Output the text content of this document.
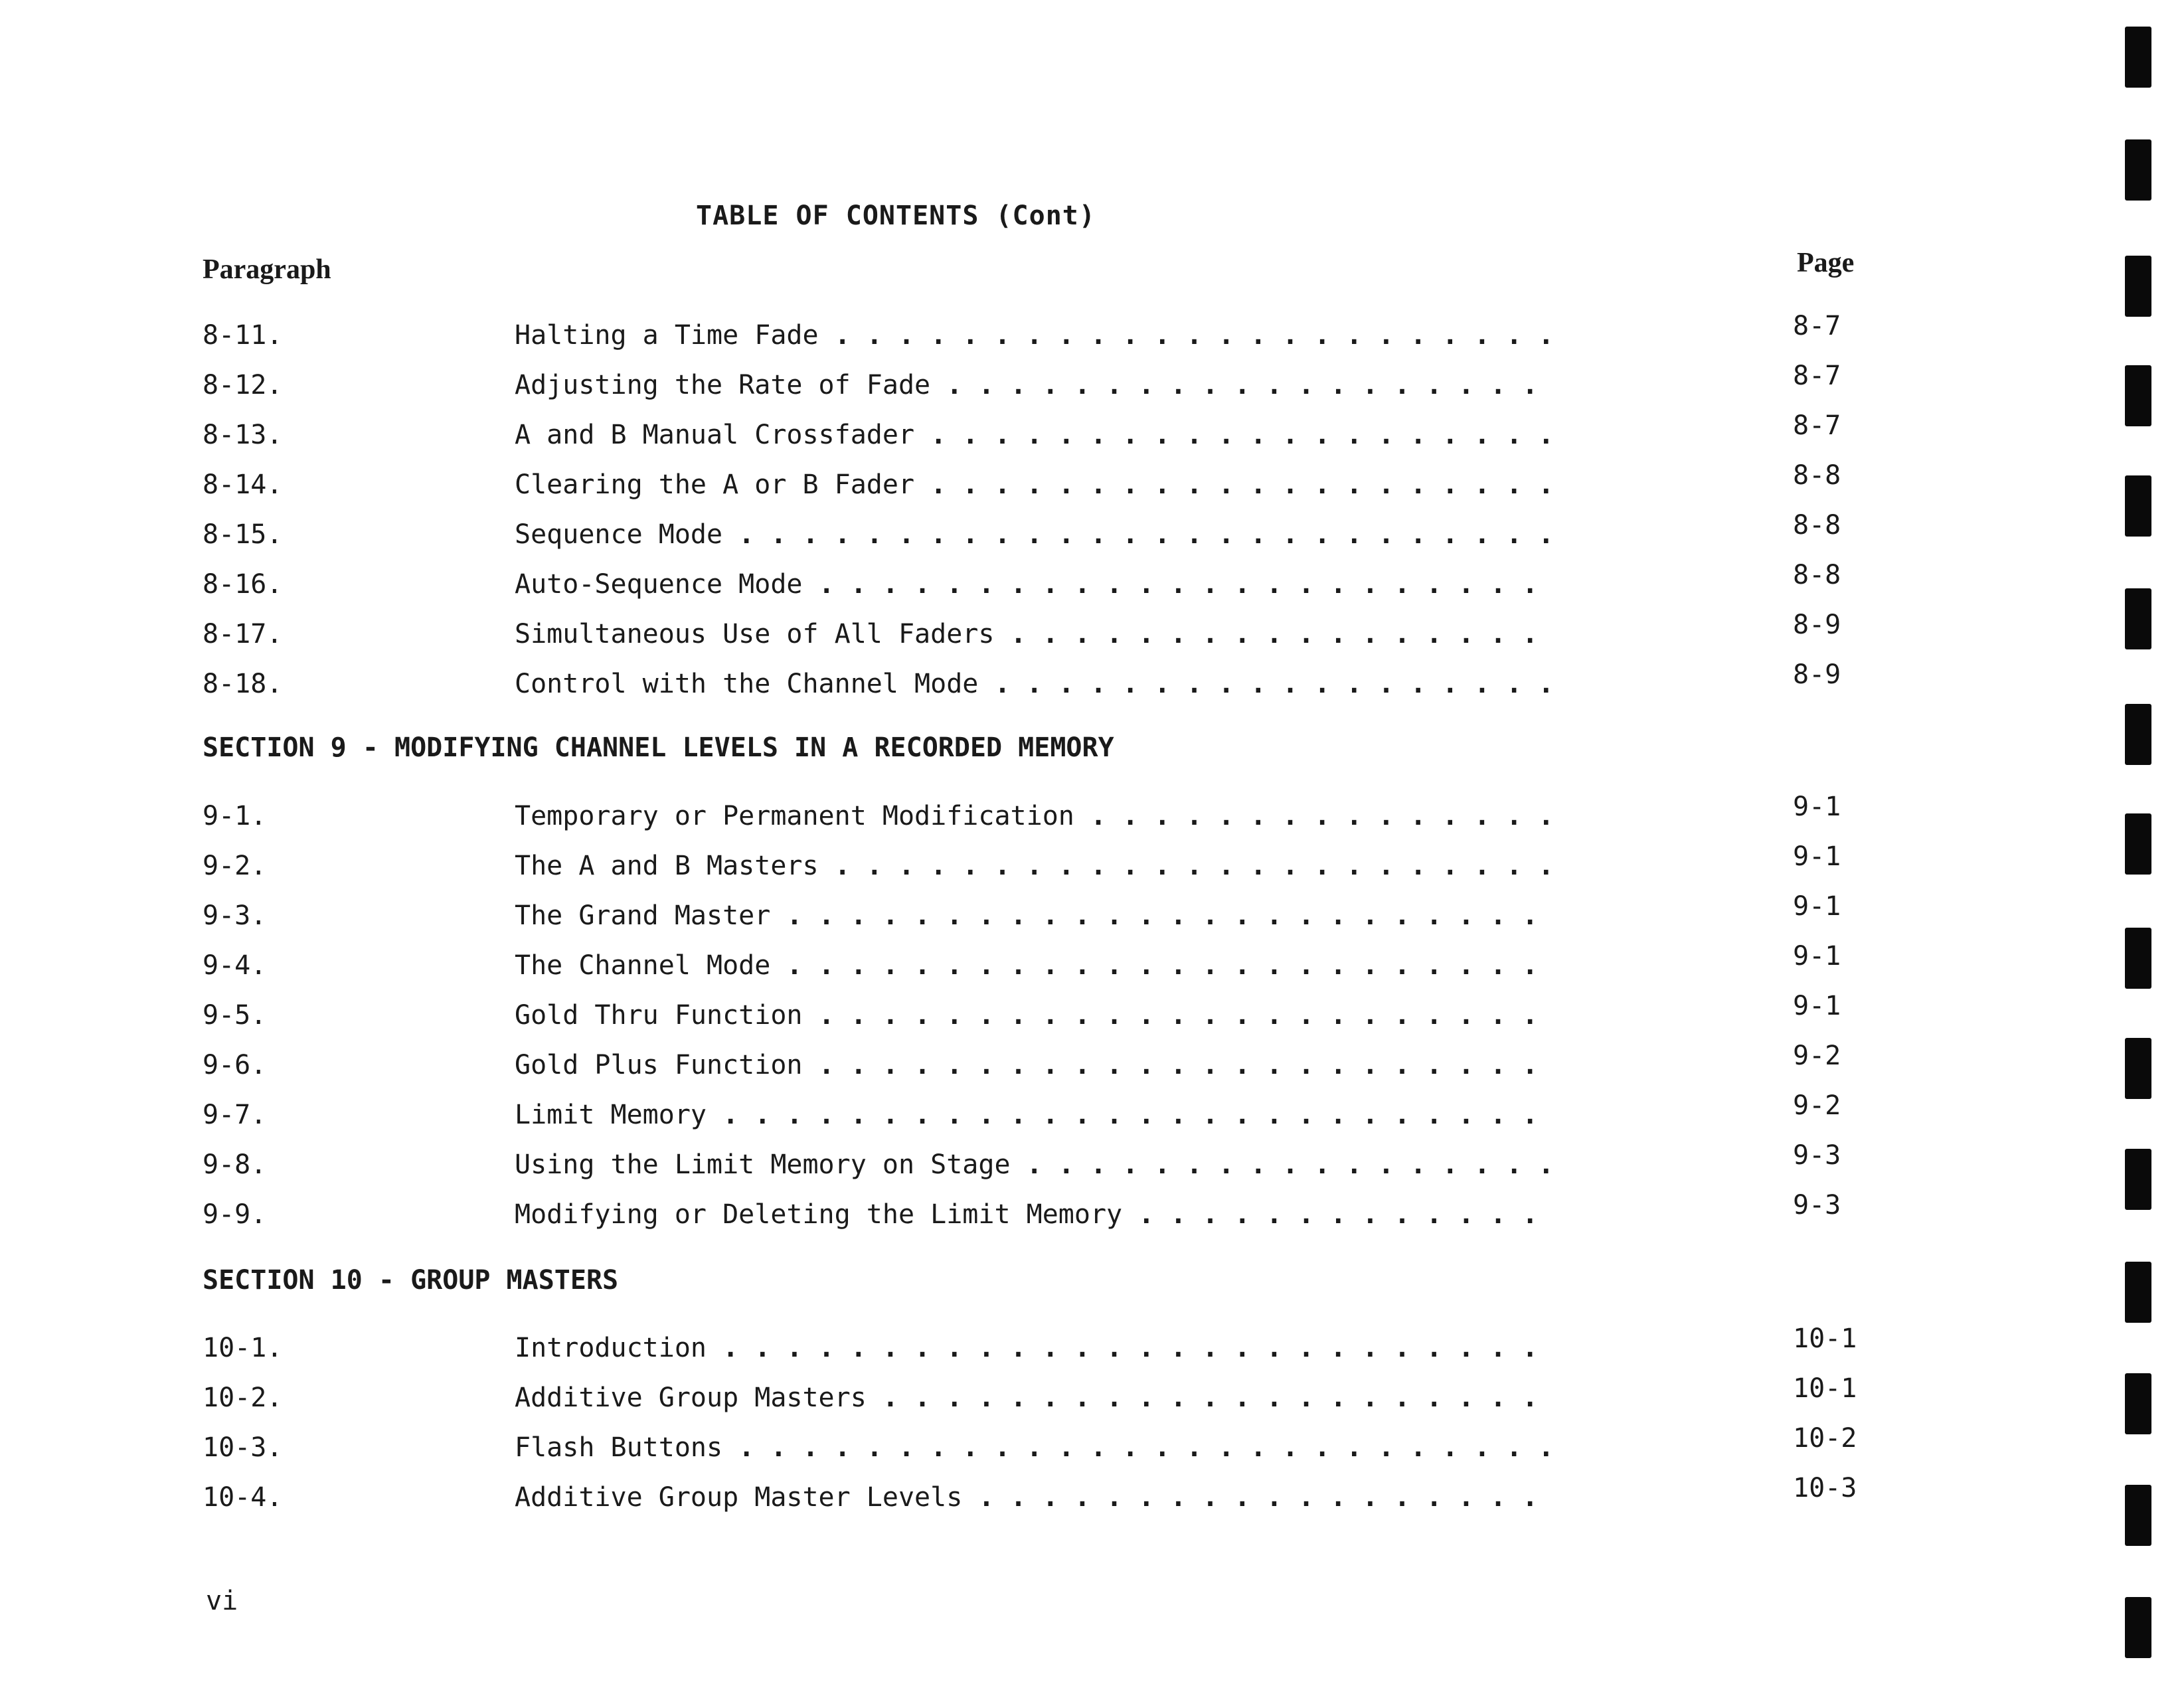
TABLE OF CONTENTS (Cont)
Paragraph	Page
8-11.	Halting a Time Fade . . .	8-7
8-12.	Adjusting the Rate of Fade . . .	8-7
8-13.	A and B Manual Crossfader . . .	8-7
8-14.	Clearing the A or B Fader . . .	8-8
8-15.	Sequence Mode . . .	8-8
8-16.	Auto-Sequence Mode . . .	8-8
8-17.	Simultaneous Use of All Faders . . .	8-9
8-18.	Control with the Channel Mode . . .	8-9
SECTION 9 - MODIFYING CHANNEL LEVELS IN A RECORDED MEMORY
9-1.	Temporary or Permanent Modification . . .	9-1
9-2.	The A and B Masters . . .	9-1
9-3.	The Grand Master . . .	9-1
9-4.	The Channel Mode . . .	9-1
9-5.	Gold Thru Function . . .	9-1
9-6.	Gold Plus Function . . .	9-2
9-7.	Limit Memory . . .	9-2
9-8.	Using the Limit Memory on Stage . . .	9-3
9-9.	Modifying or Deleting the Limit Memory . . .	9-3
SECTION 10 - GROUP MASTERS
10-1.	Introduction . . .	10-1
10-2.	Additive Group Masters . . .	10-1
10-3.	Flash Buttons . . .	10-2
10-4.	Additive Group Master Levels . . .	10-3
vi
